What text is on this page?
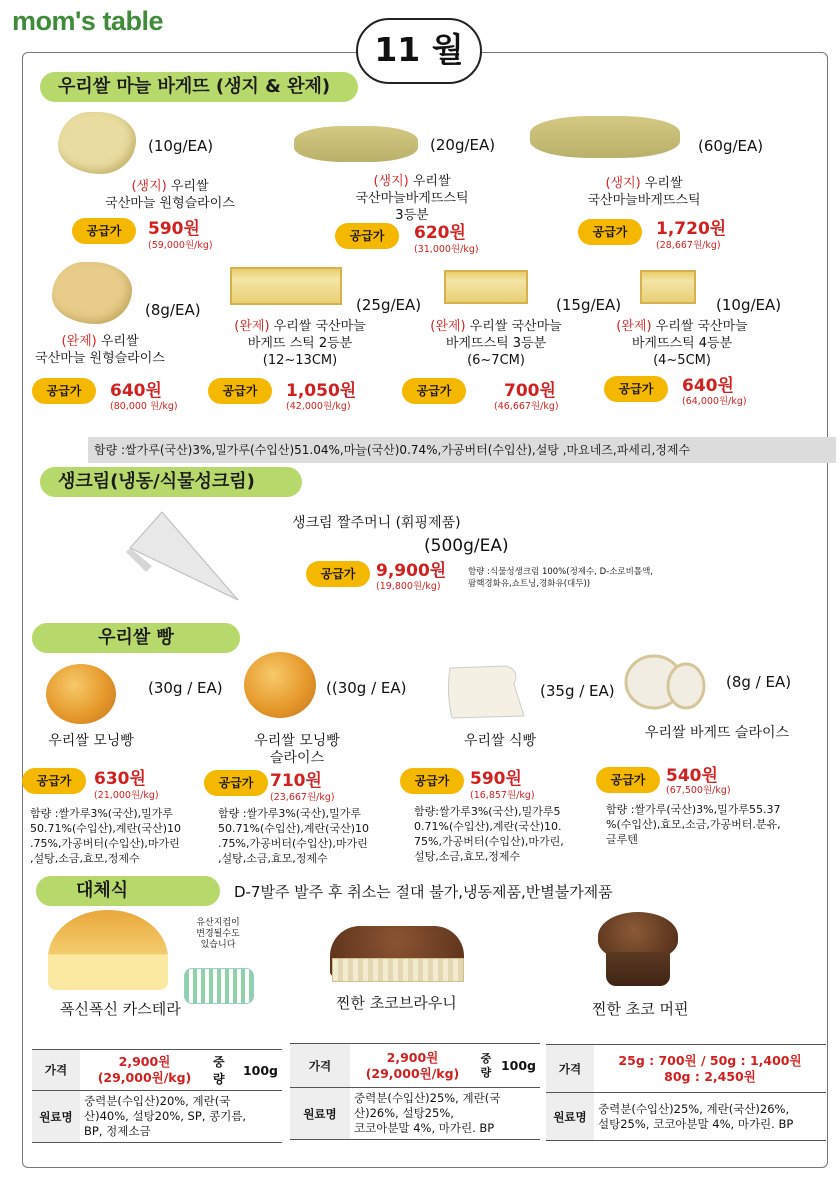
mom's table
11 월
우리쌀 마늘 바게뜨 (생지 & 완제)
(10g/EA)
(생지) 우리쌀
국산마늘 원형슬라이스
공급가	590원
(59,000원/kg)
(20g/EA)
(생지) 우리쌀
국산마늘바게뜨스틱
3등분
공급가	620원
(31,000원/kg)
(60g/EA)
(생지) 우리쌀
국산마늘바게뜨스틱
공급가	1,720원
(28,667원/kg)
(8g/EA)
(완제) 우리쌀
국산마늘 원형슬라이스
공급가	640원
(80,000 원/kg)
(25g/EA)
(완제) 우리쌀 국산마늘
바게뜨 스틱 2등분
(12~13CM)
공급가	1,050원
(42,000원/kg)
(15g/EA)
(완제) 우리쌀 국산마늘
바게뜨스틱 3등분
(6~7CM)
공급가	700원
(46,667원/kg)
(10g/EA)
(완제) 우리쌀 국산마늘
바게뜨스틱 4등분
(4~5CM)
공급가	640원
(64,000원/kg)
함량 :쌀가루(국산)3%,밀가루(수입산)51.04%,마늘(국산)0.74%,가공버터(수입산),설탕 ,마요네즈,파세리,정제수
생크림(냉동/식물성크림)
생크림 짤주머니 (휘핑제품)
(500g/EA)
공급가	9,900원
(19,800원/kg)
함량 :식물성생크림 100%(정제수, D-소로비톨액,
팜핵경화유,쇼트닝,경화유(대두))
우리쌀 빵
(30g / EA)
우리쌀 모닝빵
공급가	630원
(21,000원/kg)
함량 :쌀가루3%(국산),밀가루
50.71%(수입산),계란(국산)10
.75%,가공버터(수입산),마가린
,설탕,소금,효모,정제수
((30g / EA)
우리쌀 모닝빵
슬라이스
공급가 710원
(23,667원/kg)
함량 :쌀가루3%(국산),밀가루
50.71%(수입산),계란(국산)10
.75%,가공버터(수입산),마가린
,설탕,소금,효모,정제수
(35g / EA)
우리쌀 식빵
공급가	590원
(16,857원/kg)
함량:쌀가루3%(국산),밀가루5
0.71%(수입산),계란(국산)10.
75%,가공버터(수입산),마가린,
설탕,소금,효모,정제수
(8g / EA)
우리쌀 바게뜨 슬라이스
공급가	540원
(67,500원/kg)
함량 :쌀가루(국산)3%,밀가루55.37
%(수입산),효모,소금,가공버터.분유,
글루텐
대체식	D-7발주 발주 후 취소는 절대 불가,냉동제품,반별불가제품
유산지컵이
변경될수도
있습니다
폭신폭신 카스테라	찐한 초코브라우니	찐한 초코 머핀
가격	2,900원
(29,000원/kg)	중량	100g
원료명	중력분(수입산)20%, 계란(국
산)40%, 설탕20%, SP, 콩기름,
BP, 정제소금		
가격	2,900원
(29,000원/kg)	중
량	100g
원료명	중력분(수입산)25%, 계란(국
산)26%, 설탕25%,
코코아분말 4%, 마가린. BP		
가격	25g : 700원 / 50g : 1,400원
80g : 2,450원
원료명	중력분(수입산)25%, 계란(국산)26%,
설탕25%, 코코아분말 4%, 마가린. BP
